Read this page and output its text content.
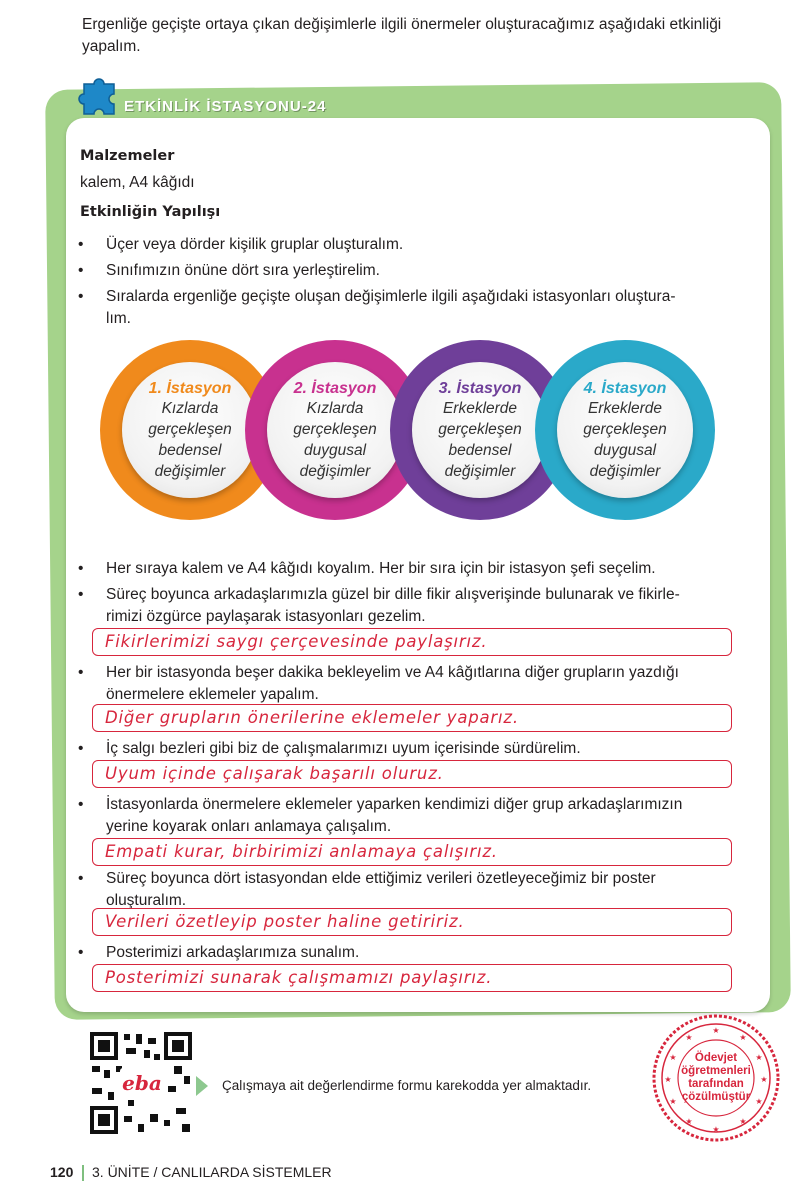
Ergenliğe geçişte ortaya çıkan değişimlerle ilgili önermeler oluşturacağımız aşağıdaki etkinliği yapalım.
ETKİNLİK İSTASYONU-24
Malzemeler
kalem, A4 kâğıdı
Etkinliğin Yapılışı
• Üçer veya dörder kişilik gruplar oluşturalım.
• Sınıfımızın önüne dört sıra yerleştirelim.
• Sıralarda ergenliğe geçişte oluşan değişimlerle ilgili aşağıdaki istasyonları oluştura-
lım.
1. İstasyon
Kızlarda
gerçekleşen
bedensel
değişimler
2. İstasyon
Kızlarda
gerçekleşen
duygusal
değişimler
3. İstasyon
Erkeklerde
gerçekleşen
bedensel
değişimler
4. İstasyon
Erkeklerde
gerçekleşen
duygusal
değişimler
• Her sıraya kalem ve A4 kâğıdı koyalım. Her bir sıra için bir istasyon şefi seçelim.
• Süreç boyunca arkadaşlarımızla güzel bir dille fikir alışverişinde bulunarak ve fikirle-
rimizi özgürce paylaşarak istasyonları gezelim.
Fikirlerimizi saygı çerçevesinde paylaşırız.
• Her bir istasyonda beşer dakika bekleyelim ve A4 kâğıtlarına diğer grupların yazdığı
önermelere eklemeler yapalım.
Diğer grupların önerilerine eklemeler yaparız.
• İç salgı bezleri gibi biz de çalışmalarımızı uyum içerisinde sürdürelim.
Uyum içinde çalışarak başarılı oluruz.
• İstasyonlarda önermelere eklemeler yaparken kendimizi diğer grup arkadaşlarımızın
yerine koyarak onları anlamaya çalışalım.
Empati kurar, birbirimizi anlamaya çalışırız.
• Süreç boyunca dört istasyondan elde ettiğimiz verileri özetleyeceğimiz bir poster
oluşturalım.
Verileri özetleyip poster haline getiririz.
• Posterimizi arkadaşlarımıza sunalım.
Posterimizi sunarak çalışmamızı paylaşırız.
eba	Çalışmaya ait değerlendirme formu karekodda yer almaktadır.
★
★
★
★
★
★
★
★
★
★
★
★
Ödevjet
öğretmenleri
tarafından
çözülmüştür
120 3. ÜNİTE / CANLILARDA SİSTEMLER
